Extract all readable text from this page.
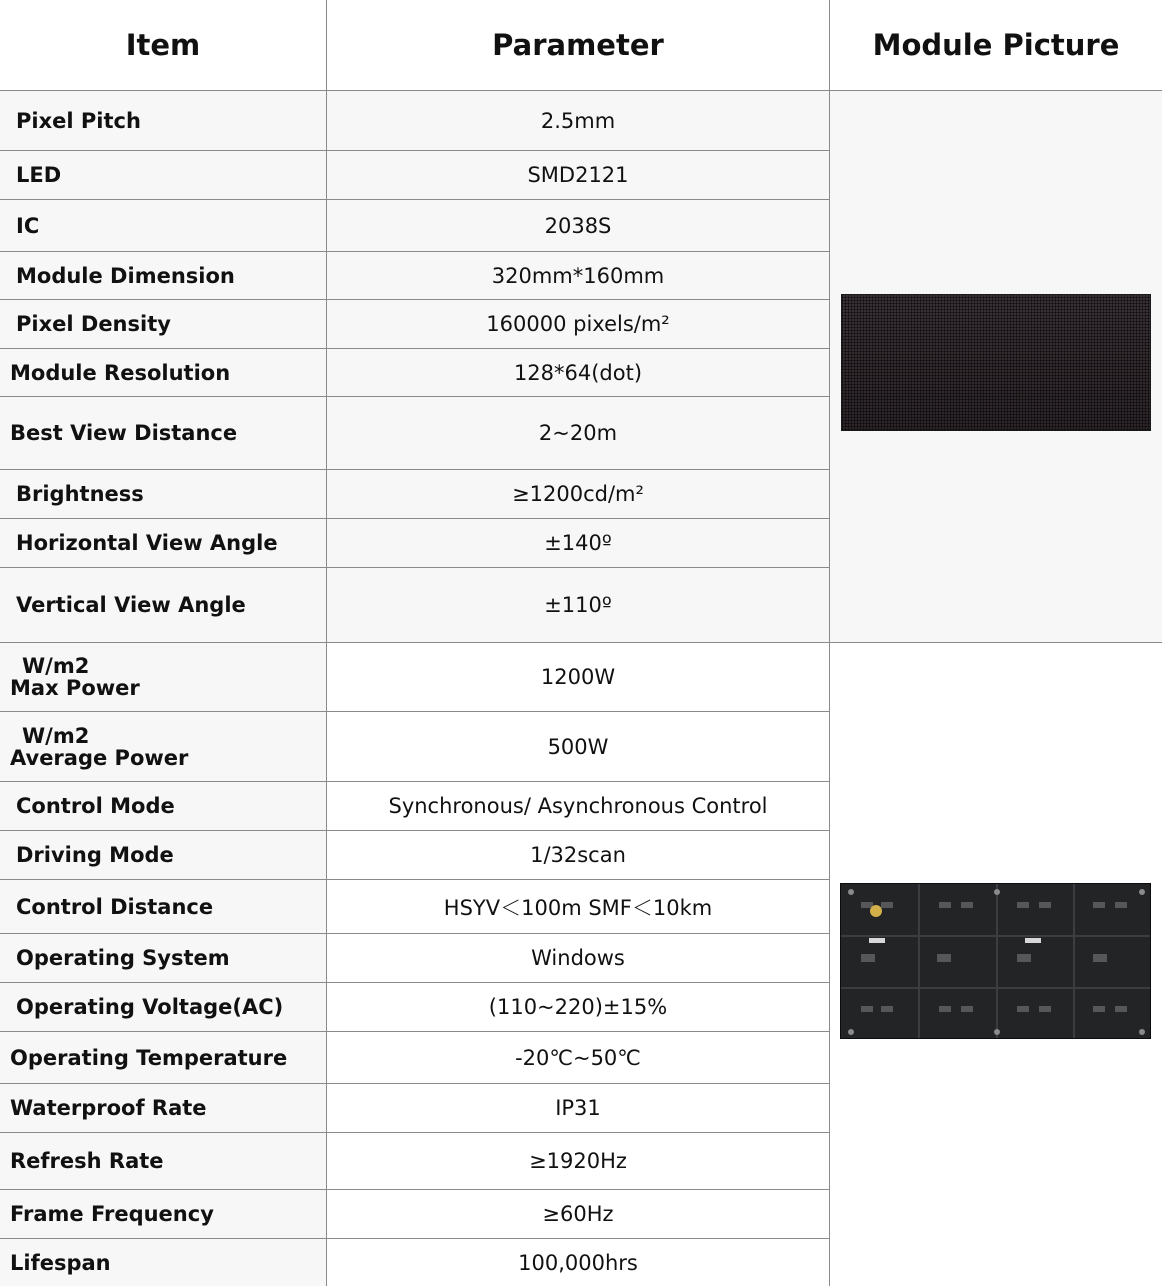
Item	Parameter	Module Picture
Pixel Pitch	2.5mm
LED	SMD2121
IC	2038S
Module Dimension	320mm*160mm
Pixel Density	160000 pixels/m²
Module Resolution	128*64(dot)
Best View Distance	2~20m
Brightness	≥1200cd/m²
Horizontal View Angle	±140º
Vertical View Angle	±110º
W/m2
Max Power	1200W
W/m2
Average Power	500W
Control Mode	Synchronous/ Asynchronous Control
Driving Mode	1/32scan
Control Distance	HSYV＜100m SMF＜10km
Operating System	Windows
Operating Voltage(AC)	(110~220)±15%
Operating Temperature	-20℃~50℃
Waterproof Rate	IP31
Refresh Rate	≥1920Hz
Frame Frequency	≥60Hz
Lifespan	100,000hrs
